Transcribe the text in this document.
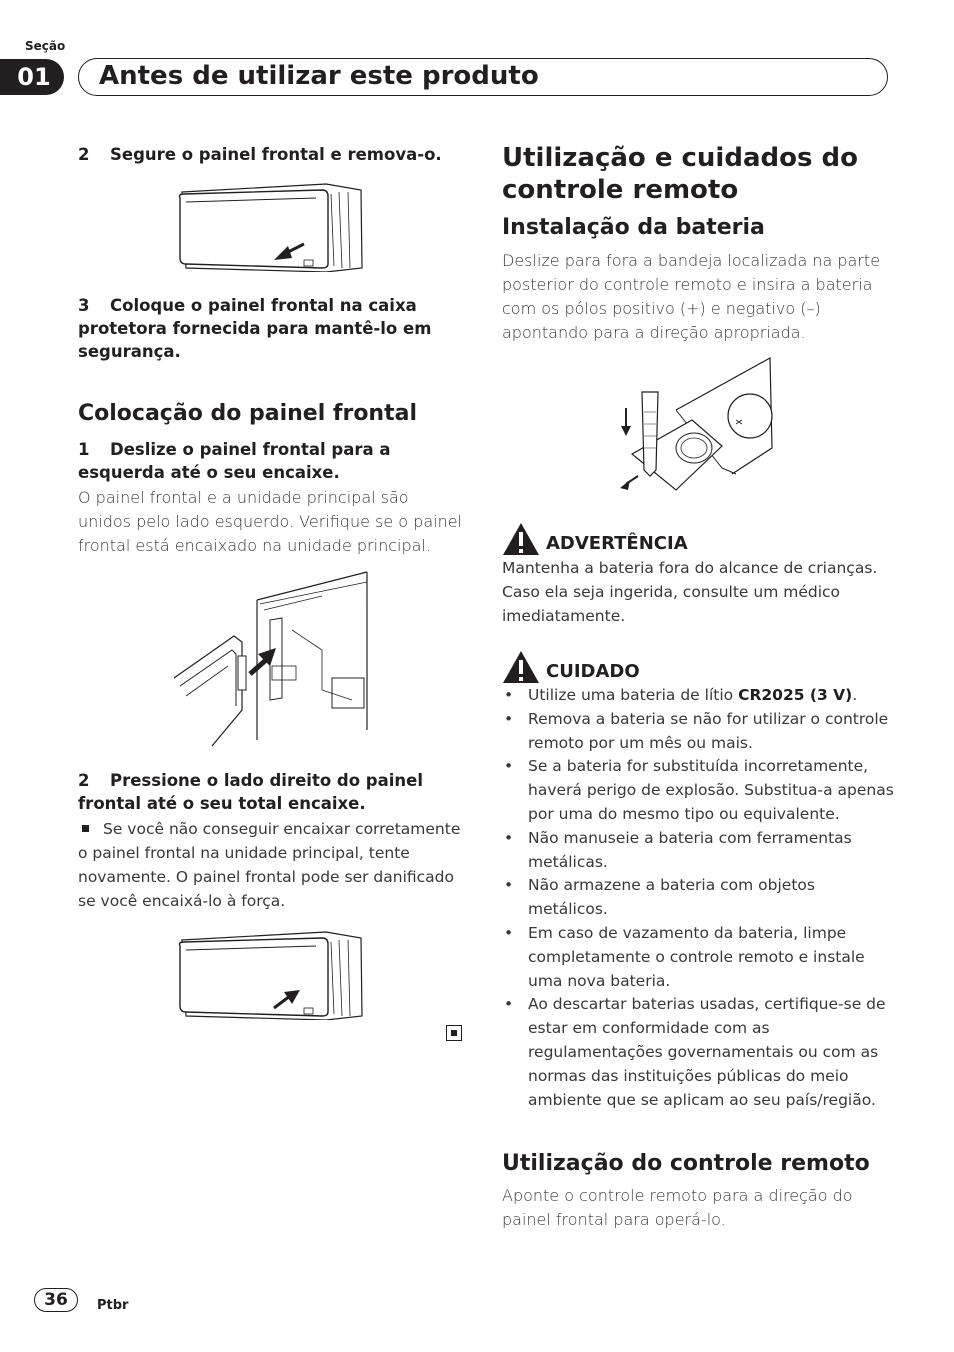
Seção
01	Antes de utilizar este produto

2 Segure o painel frontal e remova-o.

3 Coloque o painel frontal na caixa protetora fornecida para mantê-lo em segurança.

Colocação do painel frontal

1 Deslize o painel frontal para a esquerda até o seu encaixe.

O painel frontal e a unidade principal são unidos pelo lado esquerdo. Verifique se o painel frontal está encaixado na unidade principal.

2 Pressione o lado direito do painel frontal até o seu total encaixe.

Se você não conseguir encaixar corretamente o painel frontal na unidade principal, tente novamente. O painel frontal pode ser danificado se você encaixá-lo à força.

Utilização e cuidados do controle remoto
Instalação da bateria

Deslize para fora a bandeja localizada na parte posterior do controle remoto e insira a bateria com os pólos positivo (+) e negativo (–) apontando para a direção apropriada.

ADVERTÊNCIA

Mantenha a bateria fora do alcance de crianças. Caso ela seja ingerida, consulte um médico imediatamente.

CUIDADO
• Utilize uma bateria de lítio CR2025 (3 V).
• Remova a bateria se não for utilizar o controle remoto por um mês ou mais.
• Se a bateria for substituída incorretamente, haverá perigo de explosão. Substitua-a apenas por uma do mesmo tipo ou equivalente.
• Não manuseie a bateria com ferramentas metálicas.
• Não armazene a bateria com objetos metálicos.
• Em caso de vazamento da bateria, limpe completamente o controle remoto e instale uma nova bateria.
• Ao descartar baterias usadas, certifique-se de estar em conformidade com as regulamentações governamentais ou com as normas das instituições públicas do meio ambiente que se aplicam ao seu país/região.
Utilização do controle remoto

Aponte o controle remoto para a direção do painel frontal para operá-lo.

36	Ptbr
